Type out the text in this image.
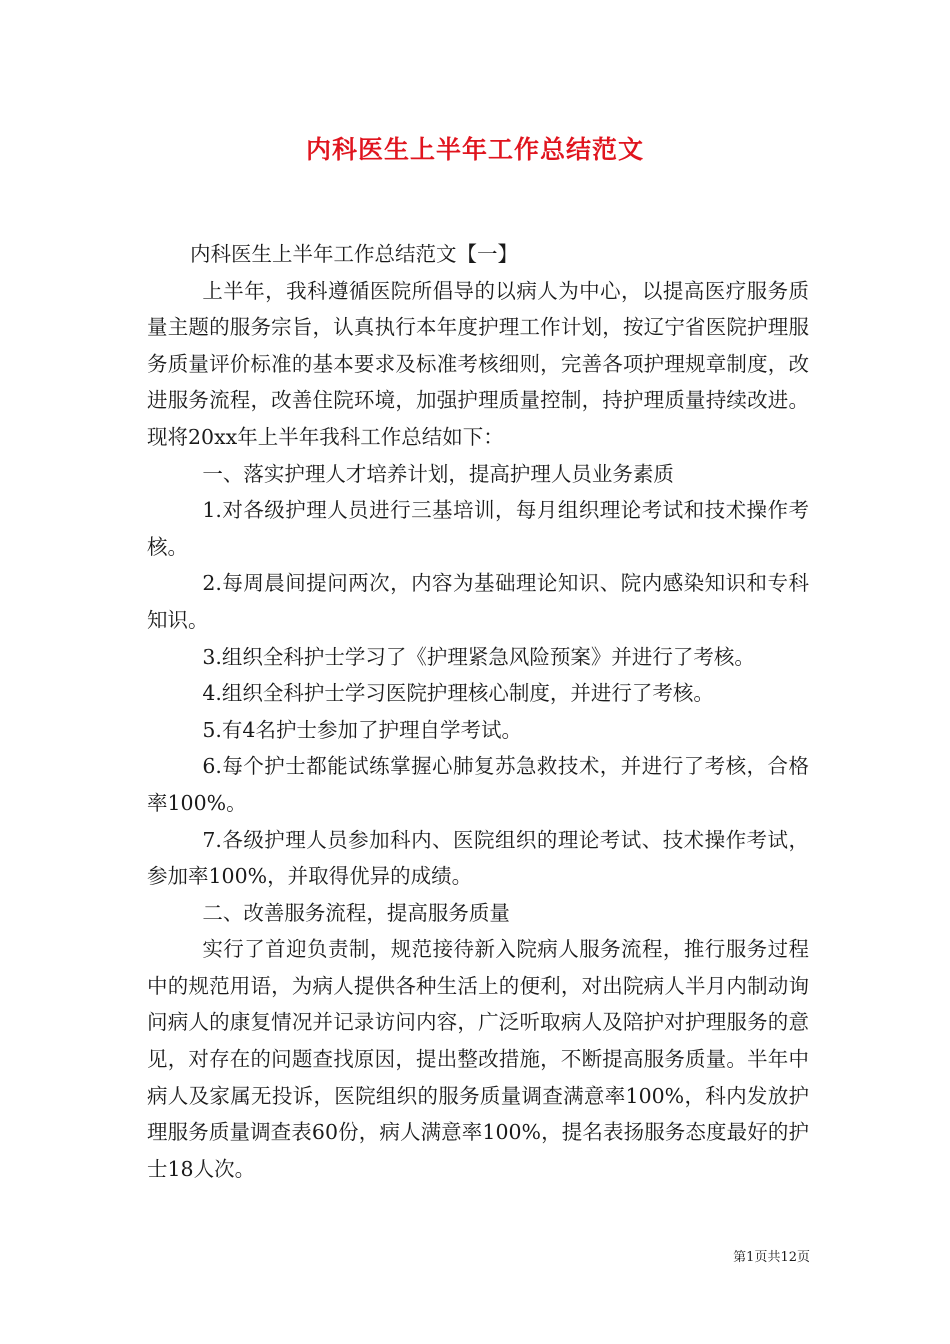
内科医生上半年工作总结范文

内科医生上半年工作总结范文【一】

上半年，我科遵循医院所倡导的以病人为中心，以提高医疗服务质量主题的服务宗旨，认真执行本年度护理工作计划，按辽宁省医院护理服务质量评价标准的基本要求及标准考核细则，完善各项护理规章制度，改进服务流程，改善住院环境，加强护理质量控制，持护理质量持续改进。现将20xx年上半年我科工作总结如下：

一、落实护理人才培养计划，提高护理人员业务素质

1.对各级护理人员进行三基培训，每月组织理论考试和技术操作考核。

2.每周晨间提问两次，内容为基础理论知识、院内感染知识和专科知识。

3.组织全科护士学习了《护理紧急风险预案》并进行了考核。

4.组织全科护士学习医院护理核心制度，并进行了考核。

5.有4名护士参加了护理自学考试。

6.每个护士都能试练掌握心肺复苏急救技术，并进行了考核，合格率100%。

7.各级护理人员参加科内、医院组织的理论考试、技术操作考试，参加率100%，并取得优异的成绩。

二、改善服务流程，提高服务质量

实行了首迎负责制，规范接待新入院病人服务流程，推行服务过程中的规范用语，为病人提供各种生活上的便利，对出院病人半月内制动询问病人的康复情况并记录访问内容，广泛听取病人及陪护对护理服务的意见，对存在的问题查找原因，提出整改措施，不断提高服务质量。半年中病人及家属无投诉，医院组织的服务质量调查满意率100%，科内发放护理服务质量调查表60份，病人满意率100%，提名表扬服务态度最好的护士18人次。

第1页共12页
